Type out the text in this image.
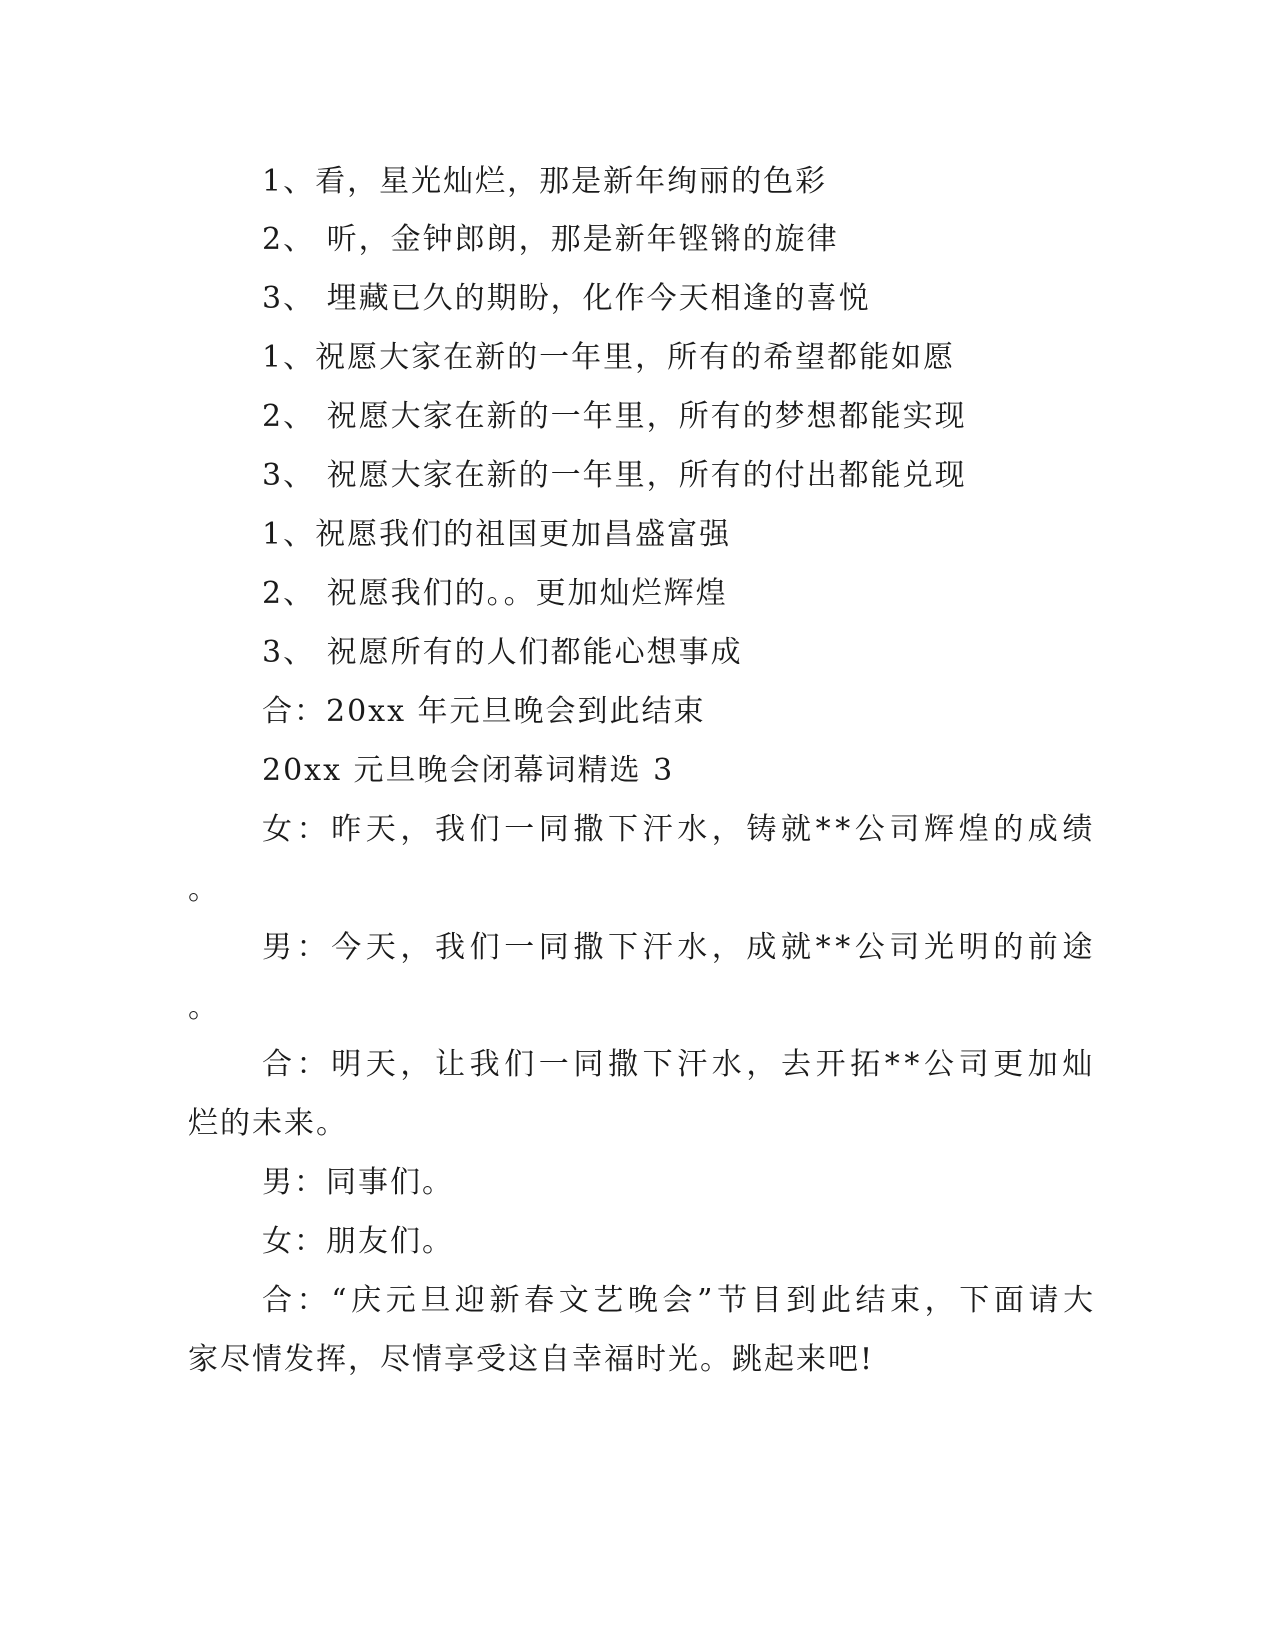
1、看，星光灿烂，那是新年绚丽的色彩
2、 听，金钟郎朗，那是新年铿锵的旋律
3、 埋藏已久的期盼，化作今天相逢的喜悦
1、祝愿大家在新的一年里，所有的希望都能如愿
2、 祝愿大家在新的一年里，所有的梦想都能实现
3、 祝愿大家在新的一年里，所有的付出都能兑现
1、祝愿我们的祖国更加昌盛富强
2、 祝愿我们的。。更加灿烂辉煌
3、 祝愿所有的人们都能心想事成
合：20xx 年元旦晚会到此结束
20xx 元旦晚会闭幕词精选 3
女：昨天，我们一同撒下汗水，铸就**公司辉煌的成绩
。
男：今天，我们一同撒下汗水，成就**公司光明的前途
。
合：明天，让我们一同撒下汗水，去开拓**公司更加灿
烂的未来。
男：同事们。
女：朋友们。
合：“庆元旦迎新春文艺晚会”节目到此结束，下面请大
家尽情发挥，尽情享受这自幸福时光。跳起来吧!
